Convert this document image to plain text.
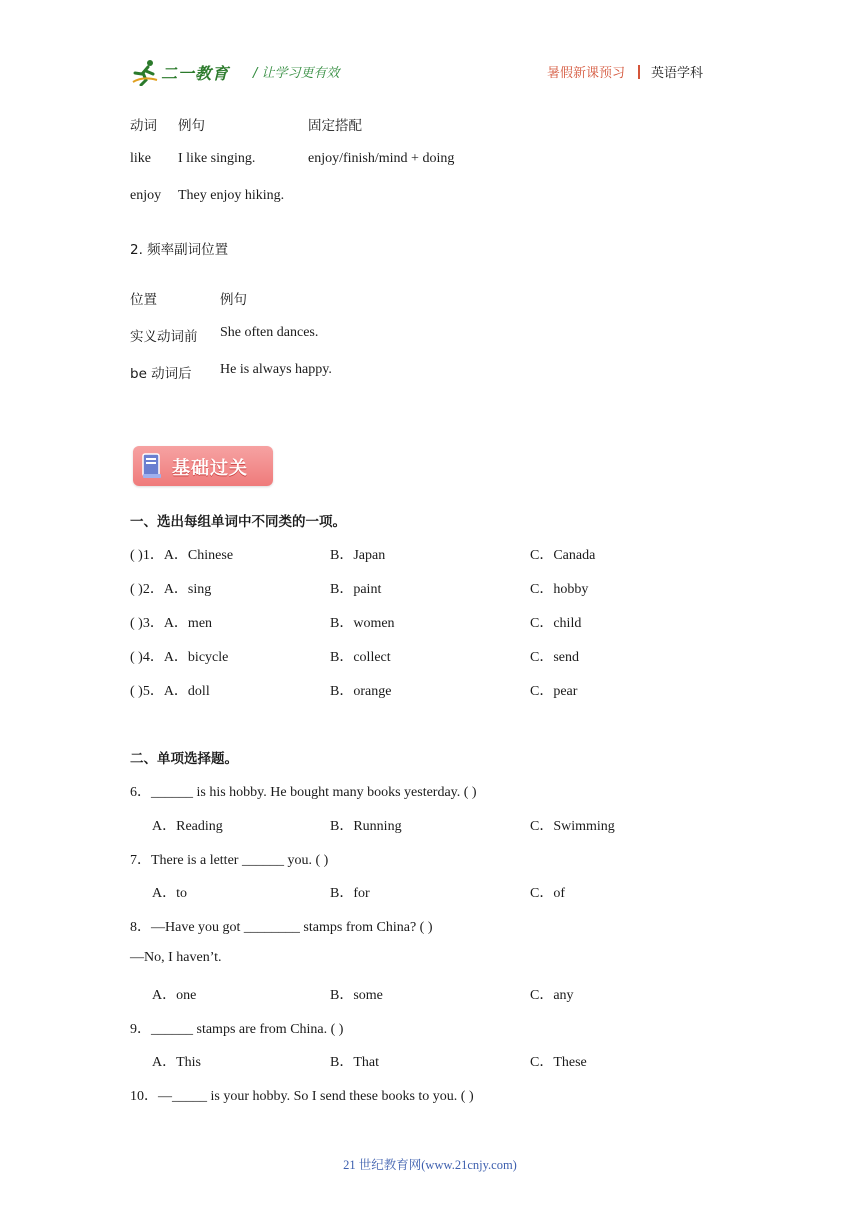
二一教育 / 让学习更有效	暑假新课预习 英语学科
动词 例句	固定搭配
like I like singing.	enjoy/finish/mind + doing
enjoy They enjoy hiking.
2. 频率副词位置
位置	例句
实义动词前 She often dances.
be 动词后 He is always happy.
基础过关
一、选出每组单词中不同类的一项。
( )1．A．Chinese	B．Japan	C．Canada
( )2．A．sing	B．paint	C．hobby
( )3．A．men	B．women	C．child
( )4．A．bicycle	B．collect	C．send
( )5．A．doll	B．orange	C．pear
二、单项选择题。
6．______ is his hobby. He bought many books yesterday. ( )
A．Reading	B．Running	C．Swimming
7．There is a letter ______ you. ( )
A．to	B．for	C．of
8．—Have you got ________ stamps from China? ( )
—No, I haven’t.
A．one	B．some	C．any
9．______ stamps are from China. ( )
A．This	B．That	C．These
10．—_____ is your hobby. So I send these books to you. ( )
21 世纪教育网(www.21cnjy.com)
